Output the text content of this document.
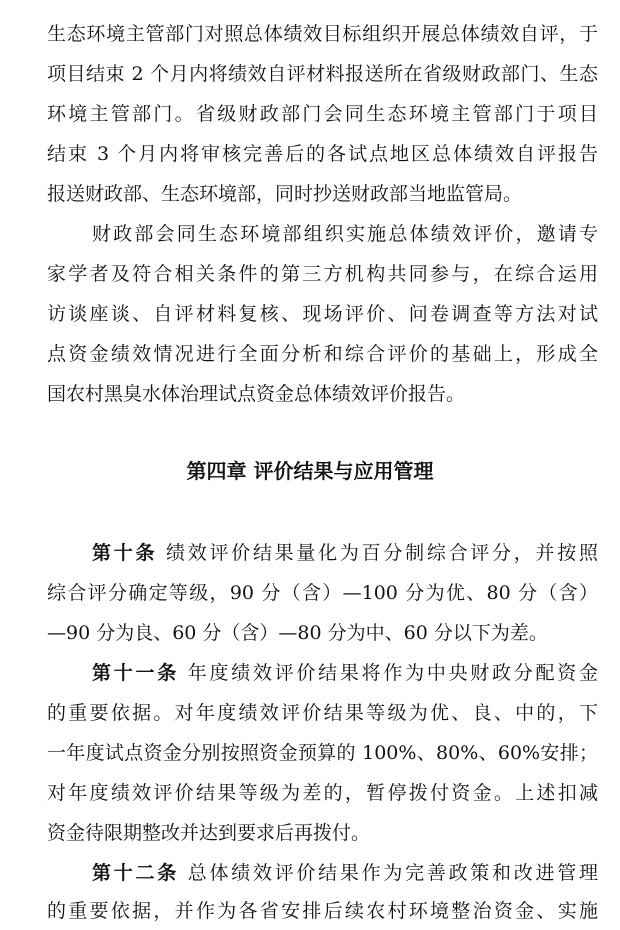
生态环境主管部门对照总体绩效目标组织开展总体绩效自评，于
项目结束 2 个月内将绩效自评材料报送所在省级财政部门、生态
环境主管部门。省级财政部门会同生态环境主管部门于项目
结束 3 个月内将审核完善后的各试点地区总体绩效自评报告
报送财政部、生态环境部，同时抄送财政部当地监管局。
财政部会同生态环境部组织实施总体绩效评价，邀请专
家学者及符合相关条件的第三方机构共同参与，在综合运用
访谈座谈、自评材料复核、现场评价、问卷调查等方法对试
点资金绩效情况进行全面分析和综合评价的基础上，形成全
国农村黑臭水体治理试点资金总体绩效评价报告。
第四章 评价结果与应用管理
第十条 绩效评价结果量化为百分制综合评分，并按照
综合评分确定等级，90 分（含）—100 分为优、80 分（含）
—90 分为良、60 分（含）—80 分为中、60 分以下为差。
第十一条 年度绩效评价结果将作为中央财政分配资金
的重要依据。对年度绩效评价结果等级为优、良、中的，下
一年度试点资金分别按照资金预算的 100%、80%、60%安排；
对年度绩效评价结果等级为差的，暂停拨付资金。上述扣减
资金待限期整改并达到要求后再拨付。
第十二条 总体绩效评价结果作为完善政策和改进管理
的重要依据，并作为各省安排后续农村环境整治资金、实施
